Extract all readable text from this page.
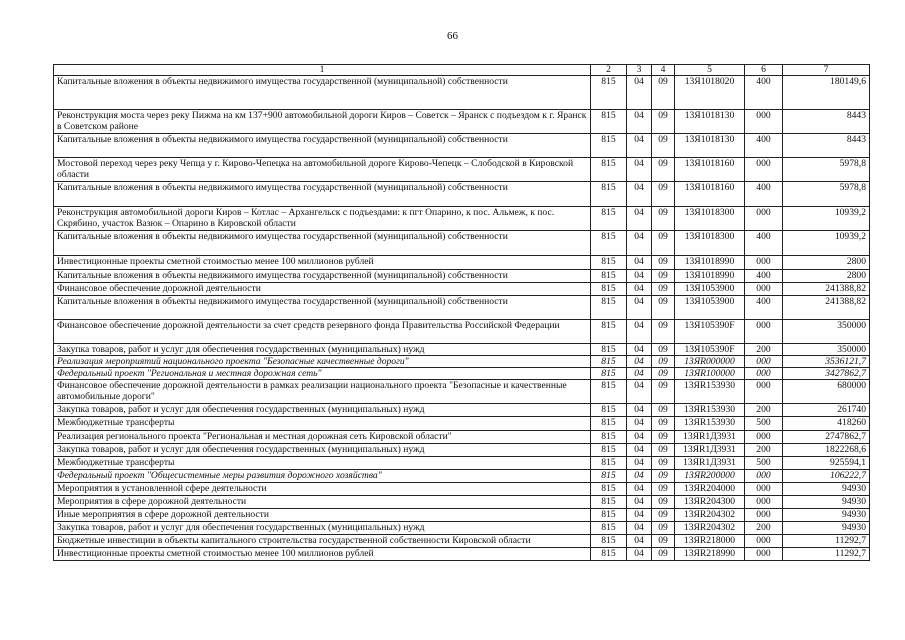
66
1	2	3	4	5	6	7
Капитальные вложения в объекты недвижимого имущества государственной (муниципальной) собственности	815	04	09	13Я1018020	400	180149,6
Реконструкция моста через реку Пижма на км 137+900 автомобильной дороги Киров – Советск – Яранск с подъездом к г. Яранск в Советском районе	815	04	09	13Я1018130	000	8443
Капитальные вложения в объекты недвижимого имущества государственной (муниципальной) собственности	815	04	09	13Я1018130	400	8443
Мостовой переход через реку Чепца у г. Кирово-Чепецка на автомобильной дороге Кирово-Чепецк – Слободской в Кировской области	815	04	09	13Я1018160	000	5978,8
Капитальные вложения в объекты недвижимого имущества государственной (муниципальной) собственности	815	04	09	13Я1018160	400	5978,8
Реконструкция автомобильной дороги Киров – Котлас – Архангельск с подъездами: к пгт Опарино, к пос. Альмеж, к пос. Скрябино, участок Вазюк – Опарино в Кировской области	815	04	09	13Я1018300	000	10939,2
Капитальные вложения в объекты недвижимого имущества государственной (муниципальной) собственности	815	04	09	13Я1018300	400	10939,2
Инвестиционные проекты сметной стоимостью менее 100 миллионов рублей	815	04	09	13Я1018990	000	2800
Капитальные вложения в объекты недвижимого имущества государственной (муниципальной) собственности	815	04	09	13Я1018990	400	2800
Финансовое обеспечение дорожной деятельности	815	04	09	13Я1053900	000	241388,82
Капитальные вложения в объекты недвижимого имущества государственной (муниципальной) собственности	815	04	09	13Я1053900	400	241388,82
Финансовое обеспечение дорожной деятельности за счет средств резервного фонда Правительства Российской Федерации	815	04	09	13Я105390F	000	350000
Закупка товаров, работ и услуг для обеспечения государственных (муниципальных) нужд	815	04	09	13Я105390F	200	350000
Реализация мероприятий национального проекта "Безопасные качественные дороги"	815	04	09	13ЯR000000	000	3536121,7
Федеральный проект "Региональная и местная дорожная сеть"	815	04	09	13ЯR100000	000	3427862,7
Финансовое обеспечение дорожной деятельности в рамках реализации национального проекта "Безопасные и качественные автомобильные дороги"	815	04	09	13ЯR153930	000	680000
Закупка товаров, работ и услуг для обеспечения государственных (муниципальных) нужд	815	04	09	13ЯR153930	200	261740
Межбюджетные трансферты	815	04	09	13ЯR153930	500	418260
Реализация регионального проекта "Региональная и местная дорожная сеть Кировской области"	815	04	09	13ЯR1Д3931	000	2747862,7
Закупка товаров, работ и услуг для обеспечения государственных (муниципальных) нужд	815	04	09	13ЯR1Д3931	200	1822268,6
Межбюджетные трансферты	815	04	09	13ЯR1Д3931	500	925594,1
Федеральный проект "Общесистемные меры развития дорожного хозяйства"	815	04	09	13ЯR200000	000	106222,7
Мероприятия в установленной сфере деятельности	815	04	09	13ЯR204000	000	94930
Мероприятия в сфере дорожной деятельности	815	04	09	13ЯR204300	000	94930
Иные мероприятия в сфере дорожной деятельности	815	04	09	13ЯR204302	000	94930
Закупка товаров, работ и услуг для обеспечения государственных (муниципальных) нужд	815	04	09	13ЯR204302	200	94930
Бюджетные инвестиции в объекты капитального строительства государственной собственности Кировской области	815	04	09	13ЯR218000	000	11292,7
Инвестиционные проекты сметной стоимостью менее 100 миллионов рублей	815	04	09	13ЯR218990	000	11292,7
